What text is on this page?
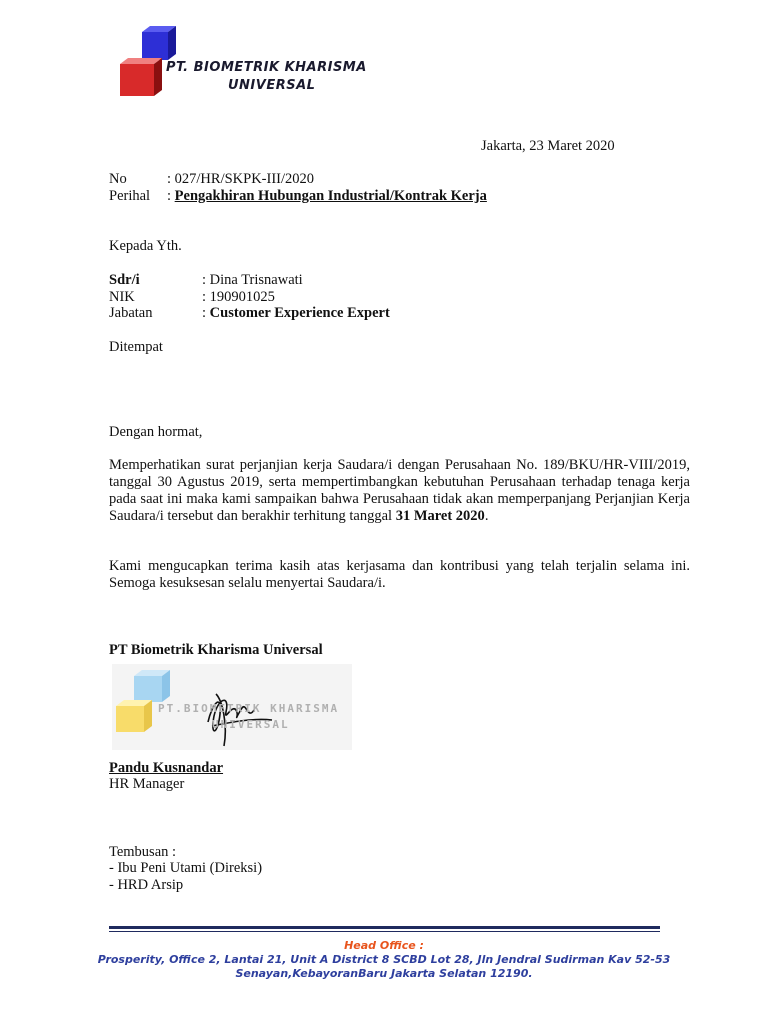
PT. BIOMETRIK KHARISMA
UNIVERSAL
Jakarta, 23 Maret 2020
No	: 027/HR/SKPK-III/2020
Perihal : Pengakhiran Hubungan Industrial/Kontrak Kerja
Kepada Yth.
Sdr/i	: Dina Trisnawati
NIK	: 190901025
Jabatan	: Customer Experience Expert
Ditempat
Dengan hormat,
Memperhatikan surat perjanjian kerja Saudara/i dengan Perusahaan No. 189/BKU/HR-VIII/2019, tanggal 30 Agustus 2019, serta mempertimbangkan kebutuhan Perusahaan terhadap tenaga kerja pada saat ini maka kami sampaikan bahwa Perusahaan tidak akan memperpanjang Perjanjian Kerja Saudara/i tersebut dan berakhir terhitung tanggal 31 Maret 2020.
Kami mengucapkan terima kasih atas kerjasama dan kontribusi yang telah terjalin selama ini. Semoga kesuksesan selalu menyertai Saudara/i.
PT Biometrik Kharisma Universal
PT.BIOMETRIK KHARISMA
UNIVERSAL
Pandu Kusnandar
HR Manager
Tembusan :
- Ibu Peni Utami (Direksi)
- HRD Arsip
Head Office :
Prosperity, Office 2, Lantai 21, Unit A District 8 SCBD Lot 28, Jln Jendral Sudirman Kav 52-53
Senayan,KebayoranBaru Jakarta Selatan 12190.
